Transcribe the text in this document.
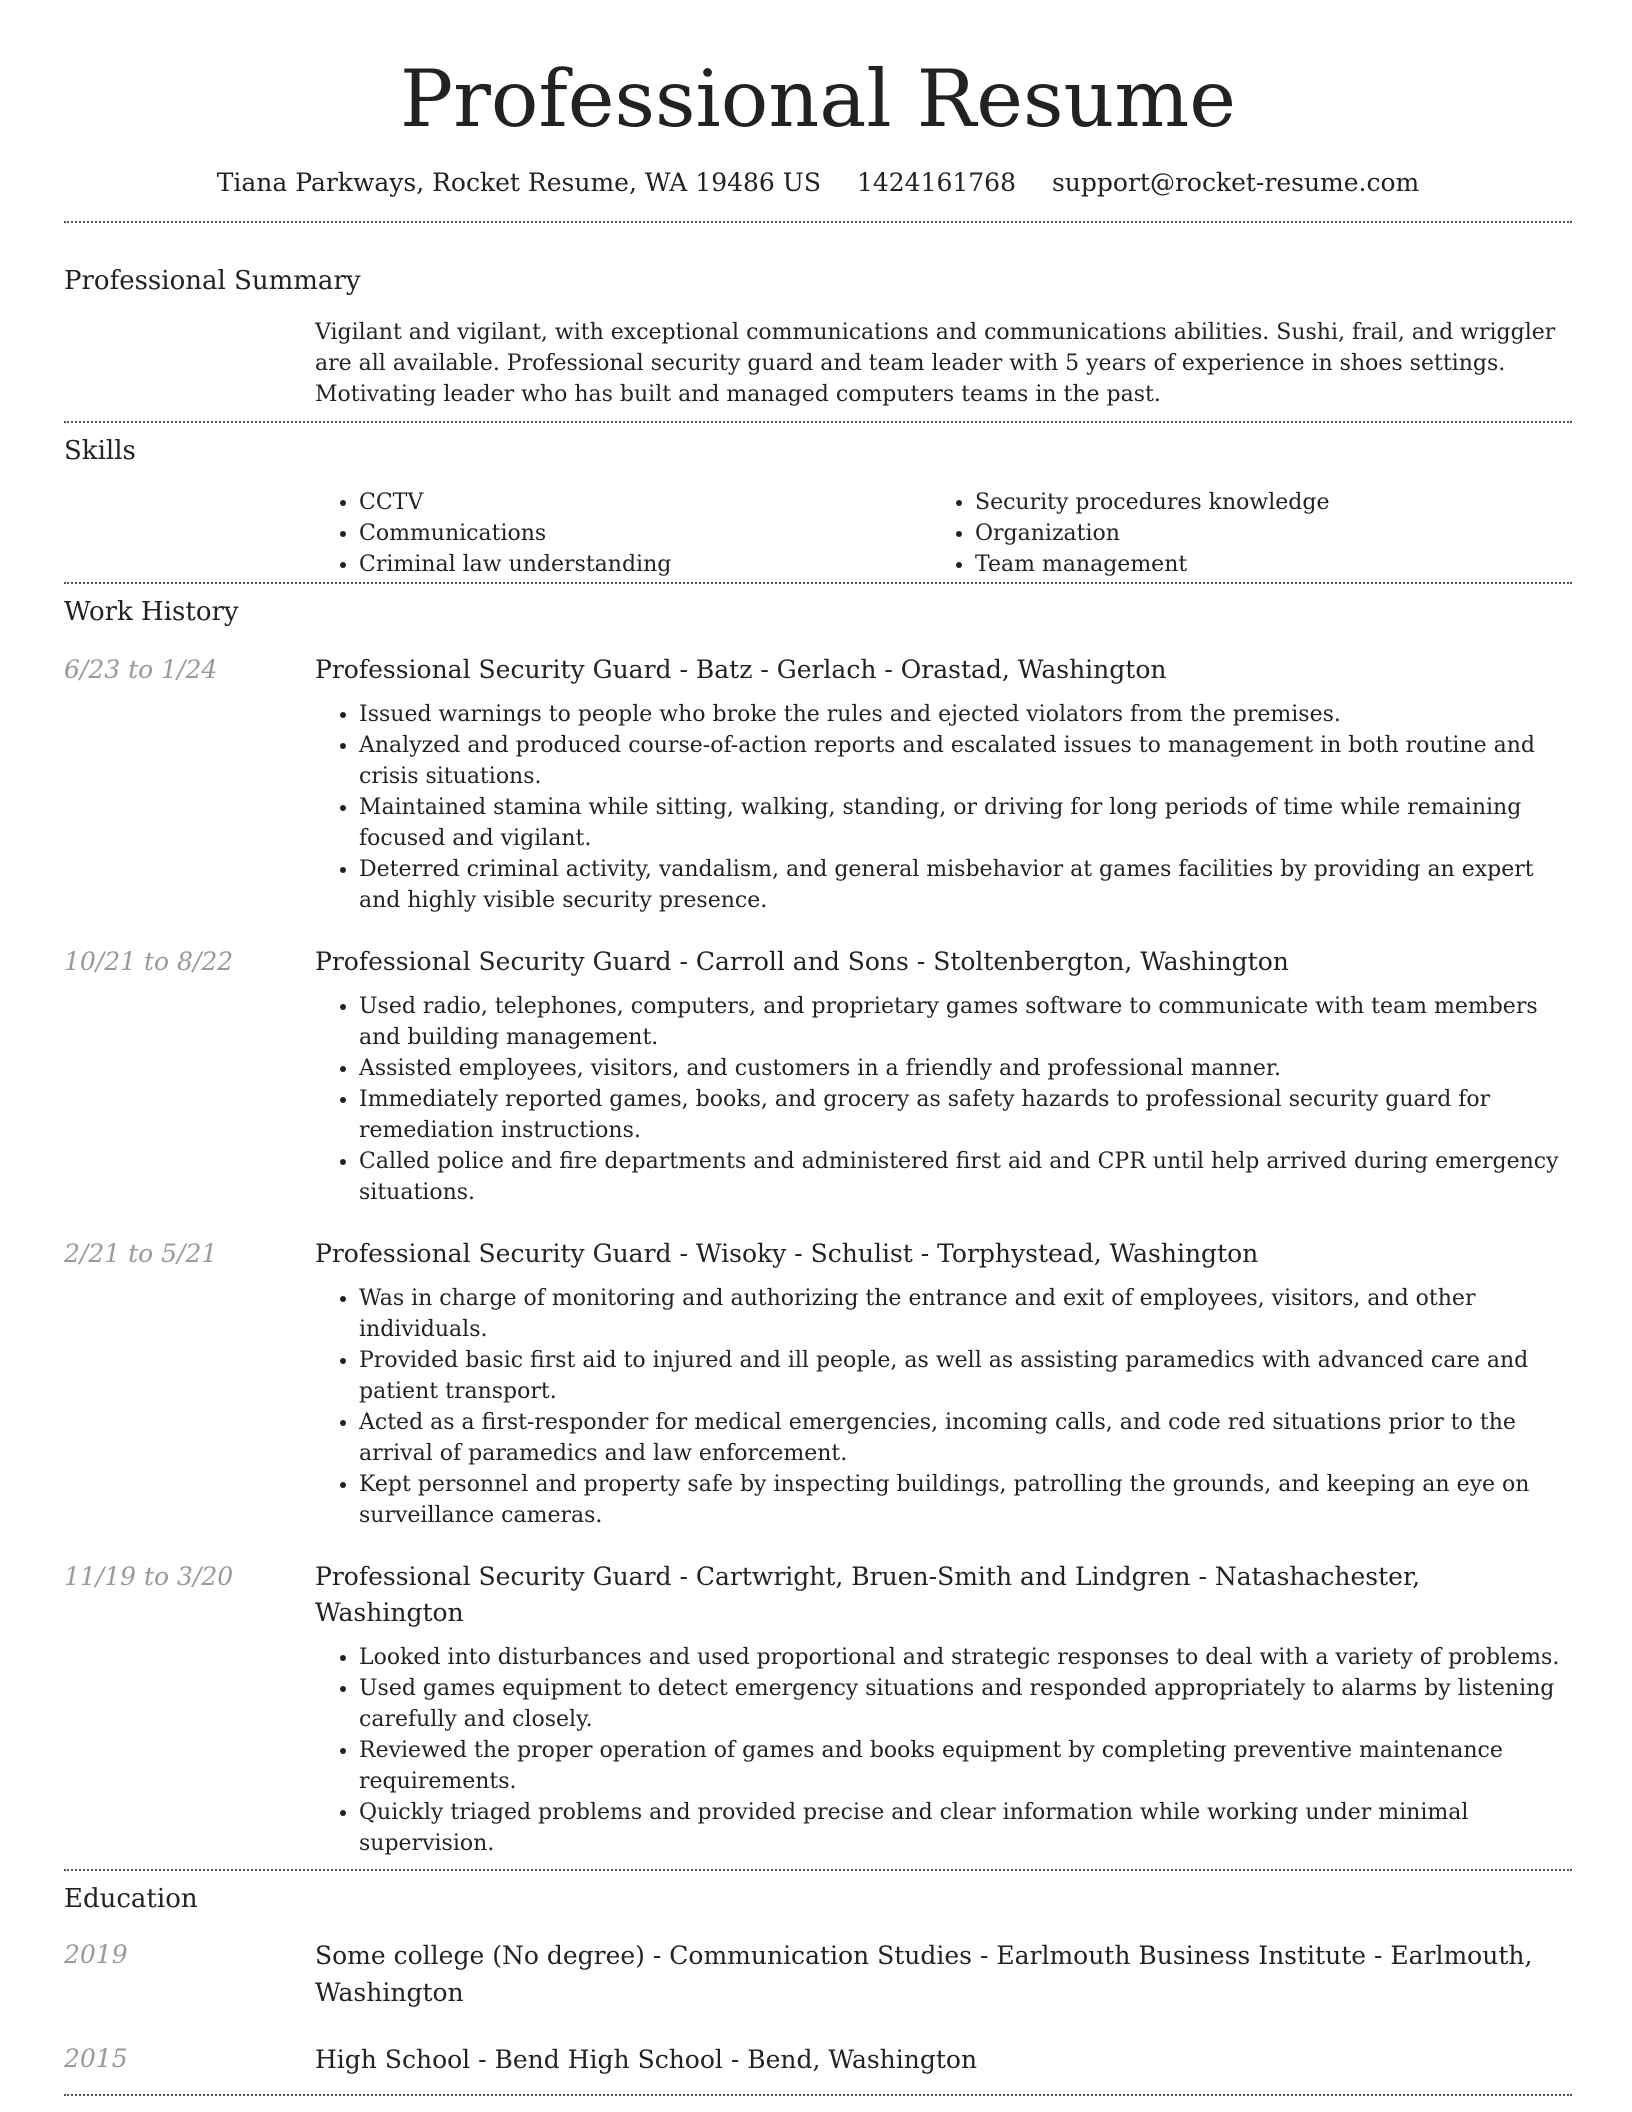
Professional Resume
Tiana Parkways, Rocket Resume, WA 19486 US 1424161768 support@rocket-resume.com
Professional Summary

Vigilant and vigilant, with exceptional communications and communications abilities. Sushi, frail, and wriggler are all available. Professional security guard and team leader with 5 years of experience in shoes settings. Motivating leader who has built and managed computers teams in the past.

Skills
• CCTV
• Communications
• Criminal law understanding
• Security procedures knowledge
• Organization
• Team management
Work History
6/23 to 1/24	Professional Security Guard - Batz - Gerlach - Orastad, Washington
• Issued warnings to people who broke the rules and ejected violators from the premises.
• Analyzed and produced course-of-action reports and escalated issues to management in both routine and crisis situations.
• Maintained stamina while sitting, walking, standing, or driving for long periods of time while remaining focused and vigilant.
• Deterred criminal activity, vandalism, and general misbehavior at games facilities by providing an expert and highly visible security presence.
10/21 to 8/22	Professional Security Guard - Carroll and Sons - Stoltenbergton, Washington
• Used radio, telephones, computers, and proprietary games software to communicate with team members and building management.
• Assisted employees, visitors, and customers in a friendly and professional manner.
• Immediately reported games, books, and grocery as safety hazards to professional security guard for remediation instructions.
• Called police and fire departments and administered first aid and CPR until help arrived during emergency situations.
2/21 to 5/21	Professional Security Guard - Wisoky - Schulist - Torphystead, Washington
• Was in charge of monitoring and authorizing the entrance and exit of employees, visitors, and other individuals.
• Provided basic first aid to injured and ill people, as well as assisting paramedics with advanced care and patient transport.
• Acted as a first-responder for medical emergencies, incoming calls, and code red situations prior to the arrival of paramedics and law enforcement.
• Kept personnel and property safe by inspecting buildings, patrolling the grounds, and keeping an eye on surveillance cameras.
11/19 to 3/20	Professional Security Guard - Cartwright, Bruen-Smith and Lindgren - Natashachester, Washington
• Looked into disturbances and used proportional and strategic responses to deal with a variety of problems.
• Used games equipment to detect emergency situations and responded appropriately to alarms by listening carefully and closely.
• Reviewed the proper operation of games and books equipment by completing preventive maintenance requirements.
• Quickly triaged problems and provided precise and clear information while working under minimal supervision.
Education
2019	Some college (No degree) - Communication Studies - Earlmouth Business Institute - Earlmouth, Washington
2015	High School - Bend High School - Bend, Washington
